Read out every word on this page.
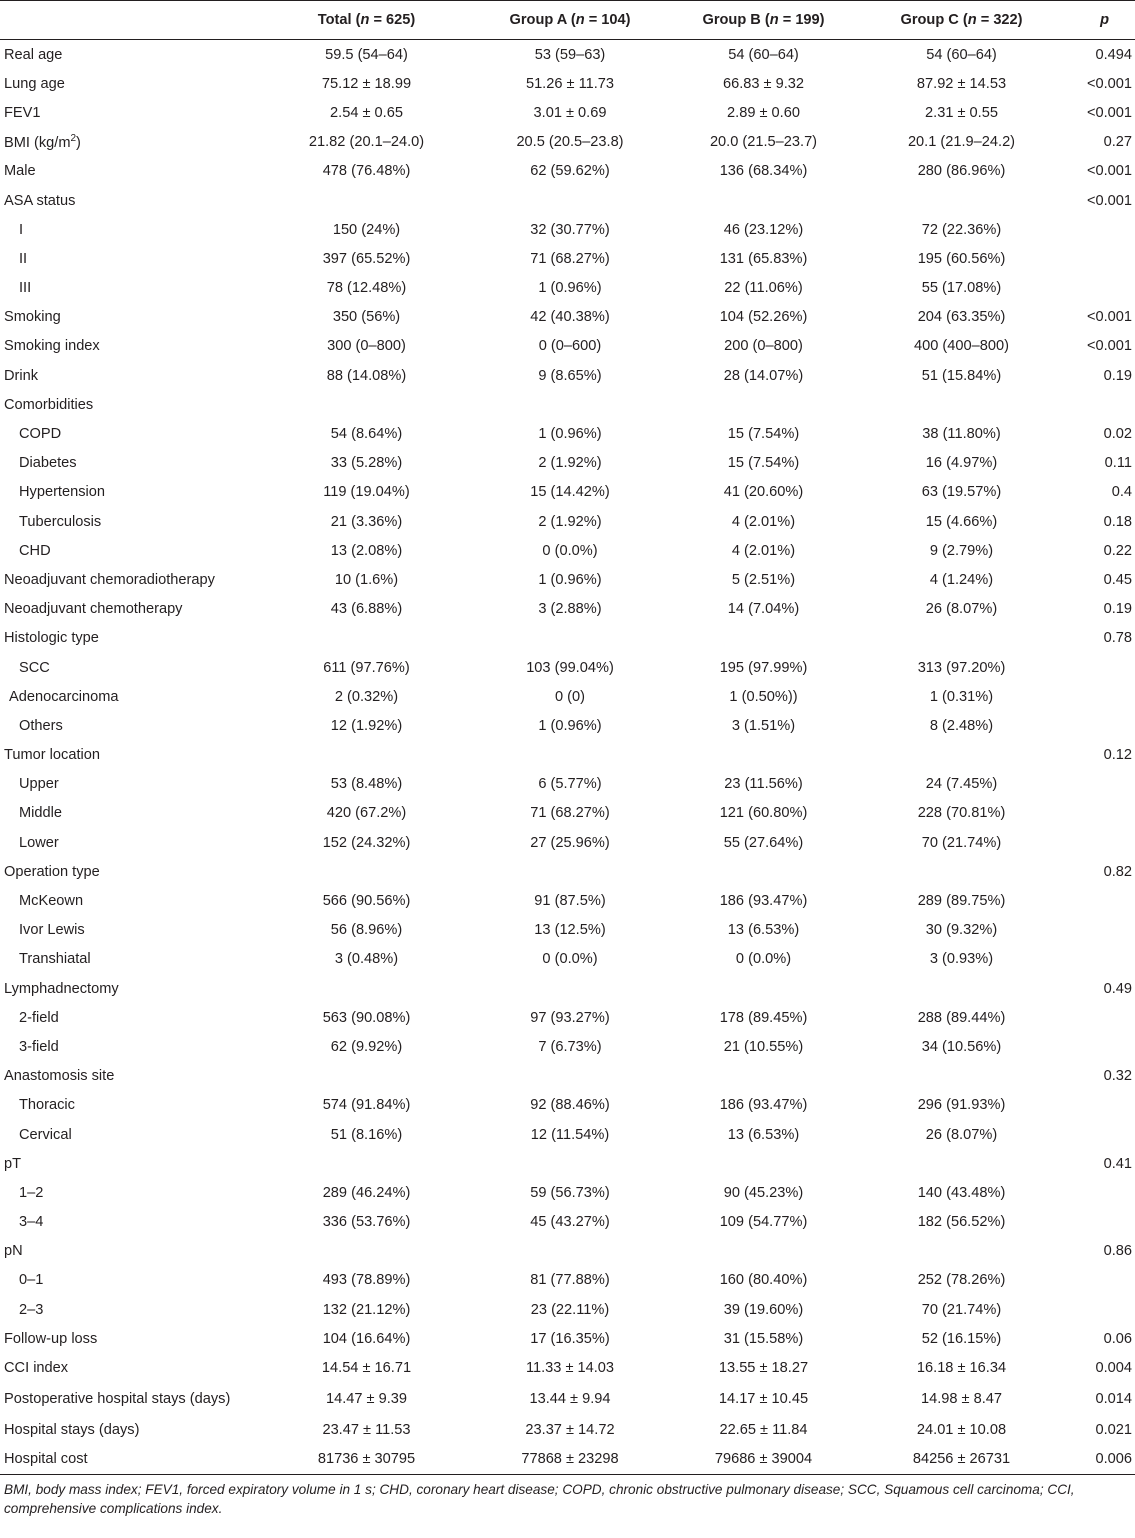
	Total (n = 625)	Group A (n = 104)	Group B (n = 199)	Group C (n = 322)	p
Real age	59.5 (54–64)	53 (59–63)	54 (60–64)	54 (60–64)	0.494
Lung age	75.12 ± 18.99	51.26 ± 11.73	66.83 ± 9.32	87.92 ± 14.53	<0.001
FEV1	2.54 ± 0.65	3.01 ± 0.69	2.89 ± 0.60	2.31 ± 0.55	<0.001
BMI $(kg/m^2)$	21.82 (20.1–24.0)	20.5 (20.5–23.8)	20.0 (21.5–23.7)	20.1 (21.9–24.2)	0.27
Male	478 (76.48%)	62 (59.62%)	136 (68.34%)	280 (86.96%)	<0.001
ASA status					<0.001
I	150 (24%)	32 (30.77%)	46 (23.12%)	72 (22.36%)	
II	397 (65.52%)	71 (68.27%)	131 (65.83%)	195 (60.56%)	
III	78 (12.48%)	1 (0.96%)	22 (11.06%)	55 (17.08%)	
Smoking	350 (56%)	42 (40.38%)	104 (52.26%)	204 (63.35%)	<0.001
Smoking index	300 (0–800)	0 (0–600)	200 (0–800)	400 (400–800)	<0.001
Drink	88 (14.08%)	9 (8.65%)	28 (14.07%)	51 (15.84%)	0.19
Comorbidities					
COPD	54 (8.64%)	1 (0.96%)	15 (7.54%)	38 (11.80%)	0.02
Diabetes	33 (5.28%)	2 (1.92%)	15 (7.54%)	16 (4.97%)	0.11
Hypertension	119 (19.04%)	15 (14.42%)	41 (20.60%)	63 (19.57%)	0.4
Tuberculosis	21 (3.36%)	2 (1.92%)	4 (2.01%)	15 (4.66%)	0.18
CHD	13 (2.08%)	0 (0.0%)	4 (2.01%)	9 (2.79%)	0.22
Neoadjuvant chemoradiotherapy	10 (1.6%)	1 (0.96%)	5 (2.51%)	4 (1.24%)	0.45
Neoadjuvant chemotherapy	43 (6.88%)	3 (2.88%)	14 (7.04%)	26 (8.07%)	0.19
Histologic type					0.78
SCC	611 (97.76%)	103 (99.04%)	195 (97.99%)	313 (97.20%)	
Adenocarcinoma	2 (0.32%)	0 (0)	1 (0.50%))	1 (0.31%)	
Others	12 (1.92%)	1 (0.96%)	3 (1.51%)	8 (2.48%)	
Tumor location					0.12
Upper	53 (8.48%)	6 (5.77%)	23 (11.56%)	24 (7.45%)	
Middle	420 (67.2%)	71 (68.27%)	121 (60.80%)	228 (70.81%)	
Lower	152 (24.32%)	27 (25.96%)	55 (27.64%)	70 (21.74%)	
Operation type					0.82
McKeown	566 (90.56%)	91 (87.5%)	186 (93.47%)	289 (89.75%)	
Ivor Lewis	56 (8.96%)	13 (12.5%)	13 (6.53%)	30 (9.32%)	
Transhiatal	3 (0.48%)	0 (0.0%)	0 (0.0%)	3 (0.93%)	
Lymphadnectomy					0.49
2-field	563 (90.08%)	97 (93.27%)	178 (89.45%)	288 (89.44%)	
3-field	62 (9.92%)	7 (6.73%)	21 (10.55%)	34 (10.56%)	
Anastomosis site					0.32
Thoracic	574 (91.84%)	92 (88.46%)	186 (93.47%)	296 (91.93%)	
Cervical	51 (8.16%)	12 (11.54%)	13 (6.53%)	26 (8.07%)	
pT					0.41
1–2	289 (46.24%)	59 (56.73%)	90 (45.23%)	140 (43.48%)	
3–4	336 (53.76%)	45 (43.27%)	109 (54.77%)	182 (56.52%)	
pN					0.86
0–1	493 (78.89%)	81 (77.88%)	160 (80.40%)	252 (78.26%)	
2–3	132 (21.12%)	23 (22.11%)	39 (19.60%)	70 (21.74%)	
Follow-up loss	104 (16.64%)	17 (16.35%)	31 (15.58%)	52 (16.15%)	0.06
CCI index	14.54 ± 16.71	11.33 ± 14.03	13.55 ± 18.27	16.18 ± 16.34	0.004
Postoperative hospital stays (days)	14.47 ± 9.39	13.44 ± 9.94	14.17 ± 10.45	14.98 ± 8.47	0.014
Hospital stays (days)	23.47 ± 11.53	23.37 ± 14.72	22.65 ± 11.84	24.01 ± 10.08	0.021
Hospital cost	81736 ± 30795	77868 ± 23298	79686 ± 39004	84256 ± 26731	0.006

BMI, body mass index; FEV1, forced expiratory volume in 1 s; CHD, coronary heart disease; COPD, chronic obstructive pulmonary disease; SCC, Squamous cell carcinoma; CCI, comprehensive complications index.
